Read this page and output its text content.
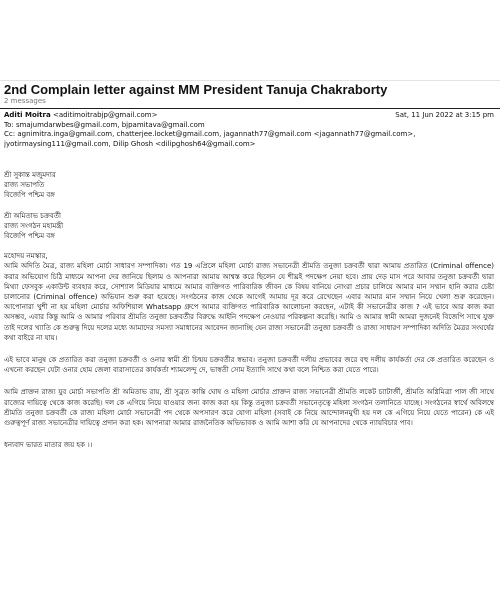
2nd Complain letter against MM President Tanuja Chakraborty
2 messages
Aditi Moitra <aditimoitrabjp@gmail.com>	Sat, 11 Jun 2022 at 3:15 pm
To: smajumdarwbes@gmail.com, bjpamitava@gmail.com
Cc: agnimitra.inga@gmail.com, chatterjee.locket@gmail.com, jagannath77@gmail.com <jagannath77@gmail.com>,
jyotirmaysing111@gmail.com, Dilip Ghosh <dilipghosh64@gmail.com>

শ্রী সুকান্ত মজুমদার

রাজ্য সভাপতি

বিজেপি পশ্চিম বঙ্গ

শ্রী অমিতাভ চক্রবর্তী

রাজ্য সংগঠন মহামন্ত্রী

বিজেপি পশ্চিম বঙ্গ

মহোদয় নমস্কার,

আমি অদিতি মৈত্র, রাজ্য মহিলা মোর্চা সাধারণ সম্পাদিকা। গত 19 এপ্রিলে মহিলা মোর্চা রাজ্য সভানেত্রী শ্রীমতি তনুজা চক্রবর্তী দ্বারা আমায় প্রতারিত (Criminal offence) করার অভিযোগ চিঠি মাধ্যমে আপনা দের জানিয়ে ছিলাম ও আপনারা আমায় আশ্বস্ত করে ছিলেন যে শীঘ্রই পদক্ষেপ নেয়া হবে। প্রায় দেড় মাস পরে আবার তনুজা চক্রবর্তী দ্বারা মিথ্যা ফেসবুক একাউন্ট ব্যবহার করে, সোশ্যাল মিডিয়ার মাধ্যমে আমার ব্যক্তিগত পারিবারিক জীবন কে বিষয় বানিয়ে নোংরা প্রচার চালিয়ে আমার মান সম্মান হানি করার চেষ্টা চালানোর (Criminal offence) অভিযান শুরু করা হয়েছে। সংগঠনের কাজ থেকে আগেই আমায় দূর করে রেখেছেন এবার আমার মান সম্মান নিয়ে খেলা শুরু করেছেন। আপোনারা খুশী না হয় মহিলা মোর্চার অফিশিয়াল Whatsapp গ্রুপে আমার ব্যক্তিগত পারিবারিক আলোচনা করছেন, এটাই কী সভানেত্রীর কাজ ? এই ভাবে আর কাজ করা অসম্ভব, এবার কিন্তু আমি ও আমার পরিবার শ্রীমতি তনুজা চক্রবর্তীর বিরুদ্ধে আইনি পদক্ষেপ নেওয়ার পরিকল্পনা করেছি। আমি ও আমার স্বামী আমরা দুজনেই বিজেপি সাথে যুক্ত তাই দলের খ্যাতি কে শুরুত্ব দিয়ে দলের মধ্যে আমাদের সমস্যা সমাধানের আবেদন জানাচ্ছি যেন রাজ্য সভানেত্রী তনুজা চক্রবর্তী ও রাজ্য সাধারণ সম্পাদিকা অদিতি মৈত্রর সংঘর্ষের কথা বাইরে না যায়।

এই ভাবে মানুষ কে প্রতারিত করা তনুজা চক্রবর্তী ও ওনার স্বামী শ্রী চিন্ময় চক্রবর্তীর স্বভাব। তনুজা চক্রবর্তী দলীয় প্রভাবের জরে বহু দলীয় কার্যকর্তা দের কে প্রতারিত করেছেন ও এখনো করছেন যেটা ওনার হোম জেলা বারাসাতের কার্যকর্তা শ্যামলেন্দু দে, ভাস্বতী সোম ইত্যাদি সাথে কথা বলে নিশ্চিত করা যেতে পারে।

আমি প্রাক্তন রাজ্য যুব মোর্চা সভাপতি শ্রী অমিতাভ রায়, শ্রী সুব্রত কান্তি ঘোষ ও মহিলা মোর্চার প্রাক্তন রাজ্য সভানেত্রী শ্রীমতি লকেট চ্যাটার্জী, শ্রীমতি অগ্নিমিত্রা পাল জী সাথে রাজ্যের দায়িত্বে থেকে কাজ করেছি। দল কে এগিয়ে নিয়ে যাওয়ার জন্য কাজ করা হয় কিন্তু তনুজা চক্রবর্তী সভানেতৃত্বে মহিলা সংগঠন তলানিতে যাচ্ছে। সংগঠনের স্বার্থে অবিলম্বে শ্রীমতি তনুজা চক্রবর্তী কে রাজ্য মহিলা মোর্চা সভানেত্রী পদ থেকে অপসারণ করে যোগ্য মহিলা (সবাই কে নিয়ে আন্দোলনমুখী হয় দল কে এগিয়ে নিয়ে যেতে পারেন) কে এই গুরুত্বপূর্ণ রাজ্য সভানেত্রীর দায়িত্বে প্রদান করা হক। আপনারা আমার রাজনৈতিক অভিভাবক ও আমি আশা করি যে আপনাদের থেকে ন্যায়বিচার পাব।

ধন্যবাদ ভারত মাতার জয় হক ।।
